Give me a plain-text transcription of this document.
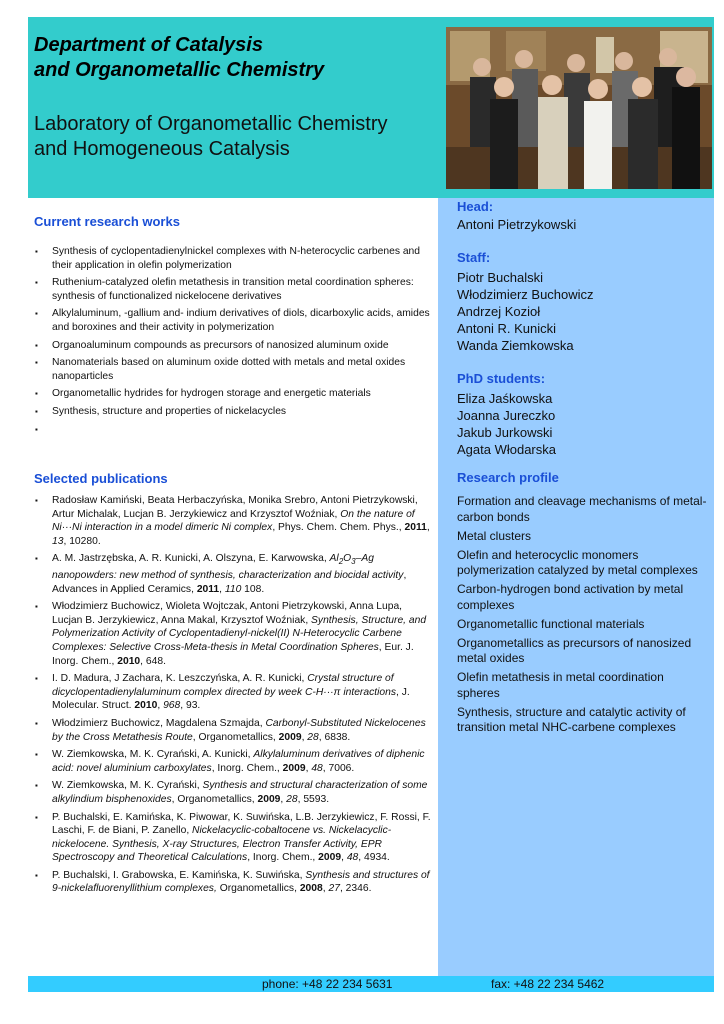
Department of Catalysis
and Organometallic Chemistry
Laboratory of Organometallic Chemistry
and Homogeneous Catalysis
Current research works
▪ Synthesis of cyclopentadienylnickel complexes with N-heterocyclic carbenes and their application in olefin polymerization
▪ Ruthenium-catalyzed olefin metathesis in transition metal coordination spheres: synthesis of functionalized nickelocene derivatives
▪ Alkylaluminum, -gallium and- indium derivatives of diols, dicarboxylic acids, amides and boroxines and their activity in polymerization
▪ Organoaluminum compounds as precursors of nanosized aluminum oxide
▪ Nanomaterials based on aluminum oxide dotted with metals and metal oxides nanoparticles
▪ Organometallic hydrides for hydrogen storage and energetic materials
▪ Synthesis, structure and properties of nickelacycles
▪
Selected publications
▪ Radosław Kamiński, Beata Herbaczyńska, Monika Srebro, Antoni Pietrzykowski, Artur Michalak, Lucjan B. Jerzykiewicz and Krzysztof Woźniak, On the nature of Ni···Ni interaction in a model dimeric Ni complex, Phys. Chem. Chem. Phys., 2011, 13, 10280.
▪ A. M. Jastrzębska, A. R. Kunicki, A. Olszyna, E. Karwowska, $Al_2O_3-Ag$ nanopowders: new method of synthesis, characterization and biocidal activity, Advances in Applied Ceramics, 2011, 110 108.
▪ Włodzimierz Buchowicz, Wioleta Wojtczak, Antoni Pietrzykowski, Anna Lupa, Lucjan B. Jerzykiewicz, Anna Makal, Krzysztof Woźniak, Synthesis, Structure, and Polymerization Activity of Cyclopentadienyl-nickel(II) N-Heterocyclic Carbene Complexes: Selective Cross-Meta-thesis in Metal Coordination Spheres, Eur. J. Inorg. Chem., 2010, 648.
▪ I. D. Madura, J Zachara, K. Leszczyńska, A. R. Kunicki, Crystal structure of dicyclopentadienylaluminum complex directed by week C-H···π interactions, J. Molecular. Struct. 2010, 968, 93.
▪ Włodzimierz Buchowicz, Magdalena Szmajda, Carbonyl-Substituted Nickelocenes by the Cross Metathesis Route, Organometallics, 2009, 28, 6838.
▪ W. Ziemkowska, M. K. Cyrański, A. Kunicki, Alkylaluminum derivatives of diphenic acid: novel aluminium carboxylates, Inorg. Chem., 2009, 48, 7006.
▪ W. Ziemkowska, M. K. Cyrański, Synthesis and structural characterization of some alkylindium bisphenoxides, Organometallics, 2009, 28, 5593.
▪ P. Buchalski, E. Kamińska, K. Piwowar, K. Suwińska, L.B. Jerzykiewicz, F. Rossi, F. Laschi, F. de Biani, P. Zanello, Nickelacyclic-cobaltocene vs. Nickelacyclic-nickelocene. Synthesis, X-ray Structures, Electron Transfer Activity, EPR Spectroscopy and Theoretical Calculations, Inorg. Chem., 2009, 48, 4934.
▪ P. Buchalski, I. Grabowska, E. Kamińska, K. Suwińska, Synthesis and structures of 9-nickelafluorenyllithium complexes, Organometallics, 2008, 27, 2346.
Head:
Antoni Pietrzykowski
Staff:
Piotr Buchalski
Włodzimierz Buchowicz
Andrzej Kozioł
Antoni R. Kunicki
Wanda Ziemkowska
PhD students:
Eliza Jaśkowska
Joanna Jureczko
Jakub Jurkowski
Agata Włodarska
Research profile
Formation and cleavage mechanisms of metal-carbon bonds
Metal clusters
Olefin and heterocyclic monomers polymerization catalyzed by metal complexes
Carbon-hydrogen bond activation by metal complexes
Organometallic functional materials
Organometallics as precursors of nanosized metal oxides
Olefin metathesis in metal coordination spheres
Synthesis, structure and catalytic activity of transition metal NHC-carbene complexes
phone: +48 22 234 5631	fax: +48 22 234 5462
